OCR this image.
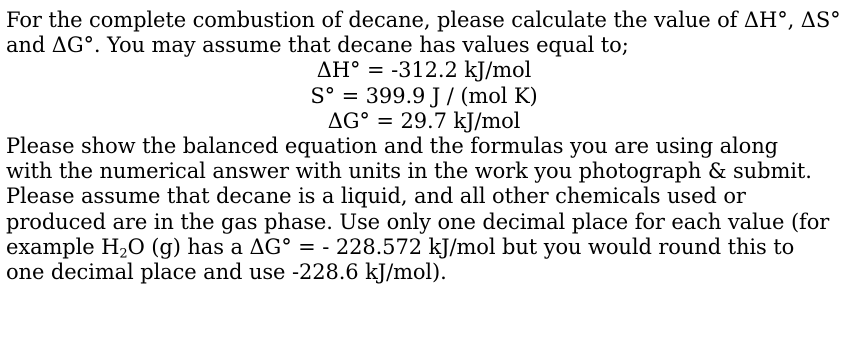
For the complete combustion of decane, please calculate the value of ΔH°, ΔS°
and ΔG°. You may assume that decane has values equal to;
ΔH° = -312.2 kJ/mol
S° = 399.9 J / (mol K)
ΔG° = 29.7 kJ/mol
Please show the balanced equation and the formulas you are using along
with the numerical answer with units in the work you photograph & submit.
Please assume that decane is a liquid, and all other chemicals used or
produced are in the gas phase. Use only one decimal place for each value (for
example $H_2O$ (g) has a ΔG° = - 228.572 kJ/mol but you would round this to
one decimal place and use -228.6 kJ/mol).
